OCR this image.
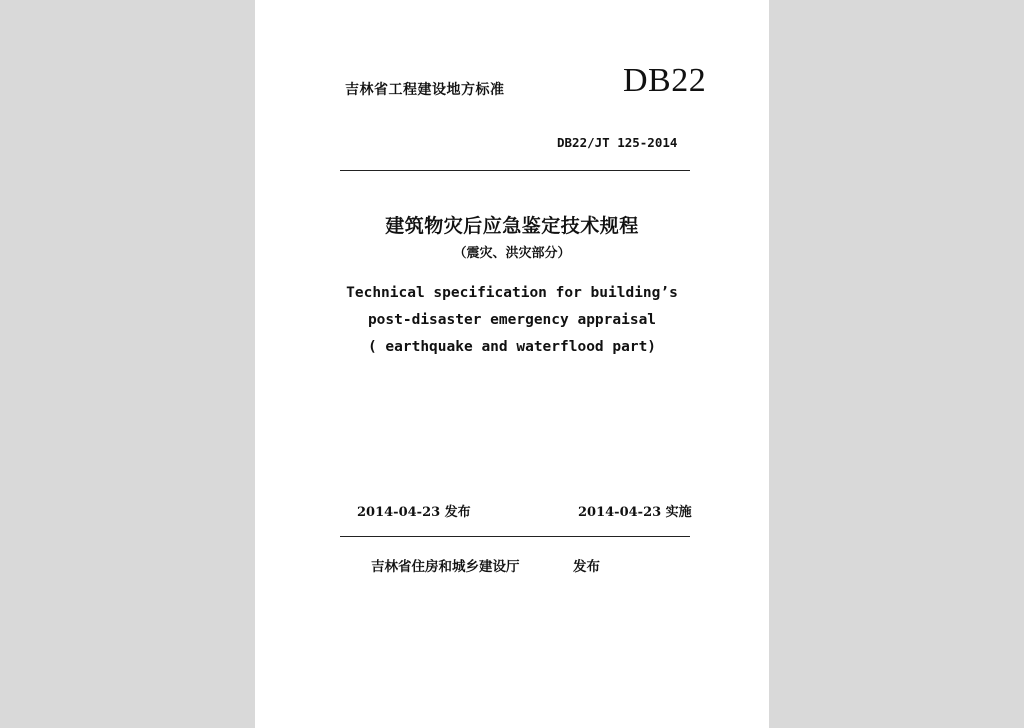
吉林省工程建设地方标准	DB22
DB22/JT 125-2014
建筑物灾后应急鉴定技术规程
（震灾、洪灾部分）
Technical specification for building’s
post-disaster emergency appraisal
( earthquake and waterflood part)
2014-04-23 发布	2014-04-23 实施
吉林省住房和城乡建设厅	发布
